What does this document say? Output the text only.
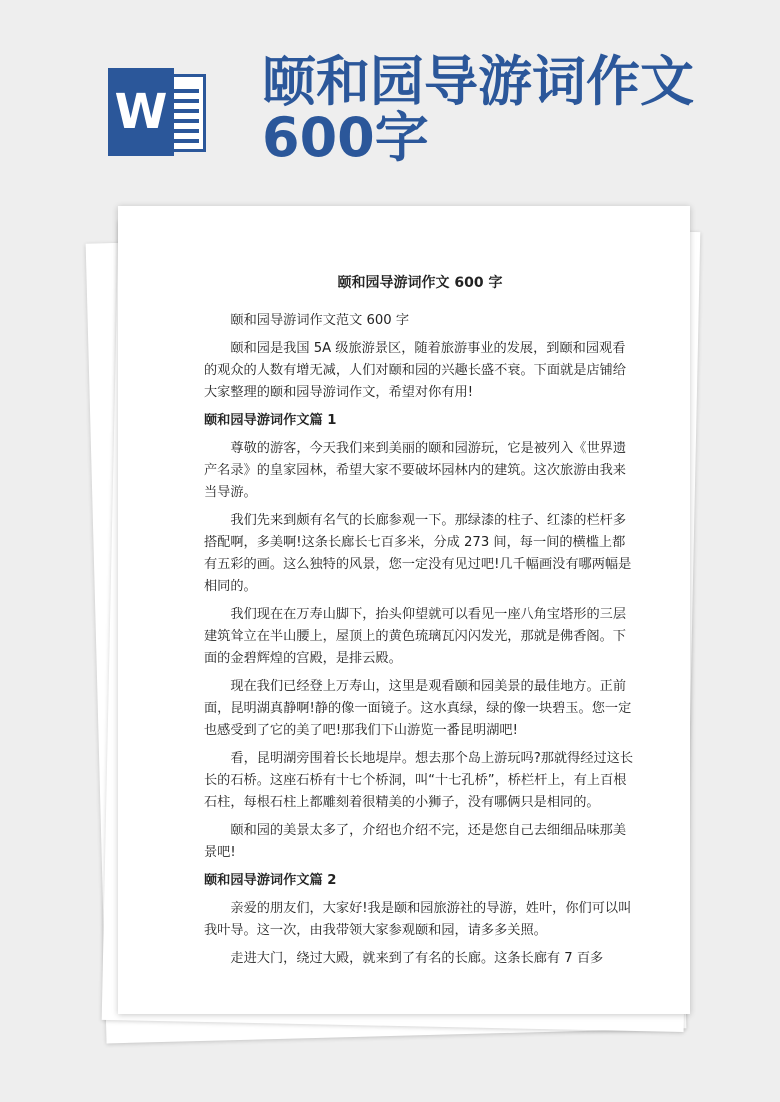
W 颐和园导游词作文600字
颐和园导游词作文 600 字

颐和园导游词作文范文 600 字

颐和园是我国 5A 级旅游景区，随着旅游事业的发展，到颐和园观看的观众的人数有增无减，人们对颐和园的兴趣长盛不衰。下面就是店铺给大家整理的颐和园导游词作文，希望对你有用!

颐和园导游词作文篇 1

尊敬的游客，今天我们来到美丽的颐和园游玩，它是被列入《世界遗产名录》的皇家园林，希望大家不要破坏园林内的建筑。这次旅游由我来当导游。

我们先来到颇有名气的长廊参观一下。那绿漆的柱子、红漆的栏杆多搭配啊，多美啊!这条长廊长七百多米，分成 273 间，每一间的横槛上都有五彩的画。这么独特的风景，您一定没有见过吧!几千幅画没有哪两幅是相同的。

我们现在在万寿山脚下，抬头仰望就可以看见一座八角宝塔形的三层建筑耸立在半山腰上，屋顶上的黄色琉璃瓦闪闪发光，那就是佛香阁。下面的金碧辉煌的宫殿，是排云殿。

现在我们已经登上万寿山，这里是观看颐和园美景的最佳地方。正前面，昆明湖真静啊!静的像一面镜子。这水真绿，绿的像一块碧玉。您一定也感受到了它的美了吧!那我们下山游览一番昆明湖吧!

看，昆明湖旁围着长长地堤岸。想去那个岛上游玩吗?那就得经过这长长的石桥。这座石桥有十七个桥洞，叫“十七孔桥”，桥栏杆上，有上百根石柱，每根石柱上都雕刻着很精美的小狮子，没有哪俩只是相同的。

颐和园的美景太多了，介绍也介绍不完，还是您自己去细细品味那美景吧!

颐和园导游词作文篇 2

亲爱的朋友们，大家好!我是颐和园旅游社的导游，姓叶，你们可以叫我叶导。这一次，由我带领大家参观颐和园，请多多关照。

走进大门，绕过大殿，就来到了有名的长廊。这条长廊有 7 百多
